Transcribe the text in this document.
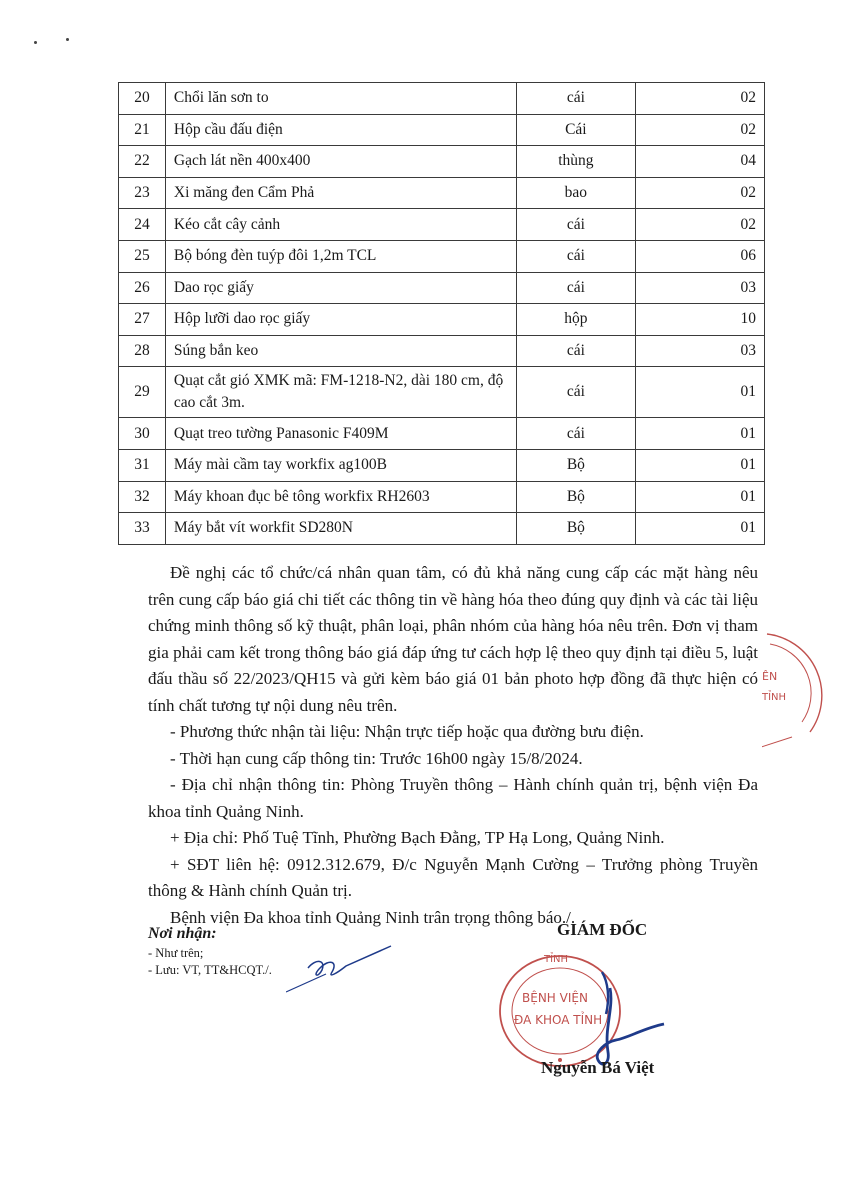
20	Chổi lăn sơn to	cái	02
21	Hộp cầu đấu điện	Cái	02
22	Gạch lát nền 400x400	thùng	04
23	Xi măng đen Cẩm Phả	bao	02
24	Kéo cắt cây cảnh	cái	02
25	Bộ bóng đèn tuýp đôi 1,2m TCL	cái	06
26	Dao rọc giấy	cái	03
27	Hộp lưỡi dao rọc giấy	hộp	10
28	Súng bắn keo	cái	03
29	Quạt cắt gió XMK mã: FM-1218-N2, dài 180 cm, độ cao cắt 3m.	cái	01
30	Quạt treo tường Panasonic F409M	cái	01
31	Máy mài cầm tay workfix ag100B	Bộ	01
32	Máy khoan đục bê tông workfix RH2603	Bộ	01
33	Máy bắt vít workfit SD280N	Bộ	01

Đề nghị các tổ chức/cá nhân quan tâm, có đủ khả năng cung cấp các mặt hàng nêu trên cung cấp báo giá chi tiết các thông tin về hàng hóa theo đúng quy định và các tài liệu chứng minh thông số kỹ thuật, phân loại, phân nhóm của hàng hóa nêu trên. Đơn vị tham gia phải cam kết trong thông báo giá đáp ứng tư cách hợp lệ theo quy định tại điều 5, luật đấu thầu số 22/2023/QH15 và gửi kèm báo giá 01 bản photo hợp đồng đã thực hiện có tính chất tương tự nội dung nêu trên.

- Phương thức nhận tài liệu: Nhận trực tiếp hoặc qua đường bưu điện.

- Thời hạn cung cấp thông tin: Trước 16h00 ngày 15/8/2024.

- Địa chỉ nhận thông tin: Phòng Truyền thông – Hành chính quản trị, bệnh viện Đa khoa tỉnh Quảng Ninh.

+ Địa chỉ: Phố Tuệ Tĩnh, Phường Bạch Đằng, TP Hạ Long, Quảng Ninh.

+ SĐT liên hệ: 0912.312.679, Đ/c Nguyễn Mạnh Cường – Trưởng phòng Truyền thông & Hành chính Quản trị.

Bệnh viện Đa khoa tỉnh Quảng Ninh trân trọng thông báo./.

ÊN
TỈNH
Nơi nhận:
- Như trên;
- Lưu: VT, TT&HCQT./.
GIÁM ĐỐC
TỈNH
BỆNH VIỆN
ĐA KHOA TỈNH
Nguyễn Bá Việt
